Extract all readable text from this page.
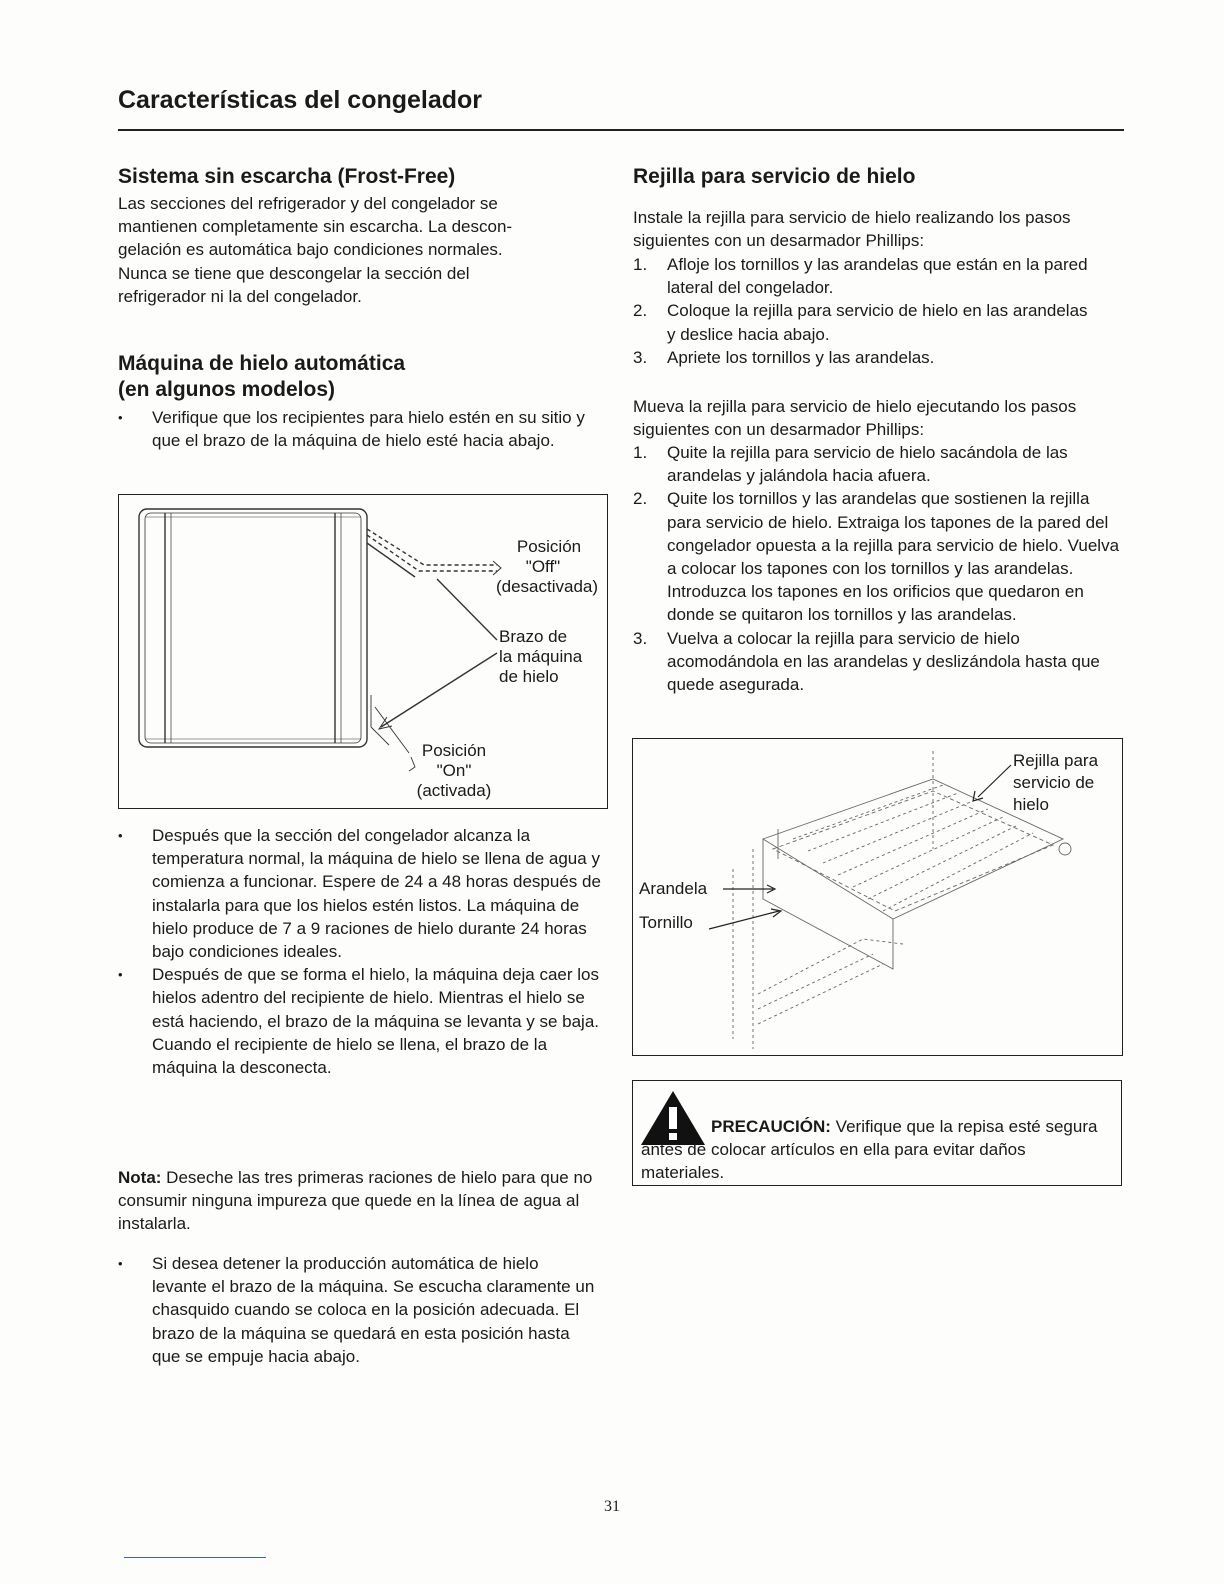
Características del congelador
Sistema sin escarcha (Frost-Free)
Las secciones del refrigerador y del congelador se
mantienen completamente sin escarcha. La descon-
gelación es automática bajo condiciones normales.
Nunca se tiene que descongelar la sección del
refrigerador ni la del congelador.
Máquina de hielo automática
(en algunos modelos)
• Verifique que los recipientes para hielo estén en su sitio y que el brazo de la máquina de hielo esté hacia abajo.
Posición
"Off"
(desactivada)
Brazo de
la máquina
de hielo
Posición
"On"
(activada)
• Después que la sección del congelador alcanza la temperatura normal, la máquina de hielo se llena de agua y comienza a funcionar. Espere de 24 a 48 horas después de instalarla para que los hielos estén listos. La máquina de hielo produce de 7 a 9 raciones de hielo durante 24 horas bajo condiciones ideales.
• Después de que se forma el hielo, la máquina deja caer los hielos adentro del recipiente de hielo. Mientras el hielo se está haciendo, el brazo de la máquina se levanta y se baja. Cuando el recipiente de hielo se llena, el brazo de la máquina la desconecta.

Nota: Deseche las tres primeras raciones de hielo para que no consumir ninguna impureza que quede en la línea de agua al instalarla.

• Si desea detener la producción automática de hielo levante el brazo de la máquina. Se escucha claramente un chasquido cuando se coloca en la posición adecuada. El brazo de la máquina se quedará en esta posición hasta que se empuje hacia abajo.
Rejilla para servicio de hielo

Instale la rejilla para servicio de hielo realizando los pasos siguientes con un desarmador Phillips:

1. Afloje los tornillos y las arandelas que están en la pared lateral del congelador.
2. Coloque la rejilla para servicio de hielo en las arandelas y deslice hacia abajo.
3. Apriete los tornillos y las arandelas.

Mueva la rejilla para servicio de hielo ejecutando los pasos siguientes con un desarmador Phillips:

1. Quite la rejilla para servicio de hielo sacándola de las arandelas y jalándola hacia afuera.
2. Quite los tornillos y las arandelas que sostienen la rejilla para servicio de hielo. Extraiga los tapones de la pared del congelador opuesta a la rejilla para servicio de hielo. Vuelva a colocar los tapones con los tornillos y las arandelas. Introduzca los tapones en los orificios que quedaron en donde se quitaron los tornillos y las arandelas.
3. Vuelva a colocar la rejilla para servicio de hielo acomodándola en las arandelas y deslizándola hasta que quede asegurada.
Rejilla para
servicio de
hielo
Arandela
Tornillo
PRECAUCIÓN: Verifique que la repisa esté segura antes de colocar artículos en ella para evitar daños materiales.
31
